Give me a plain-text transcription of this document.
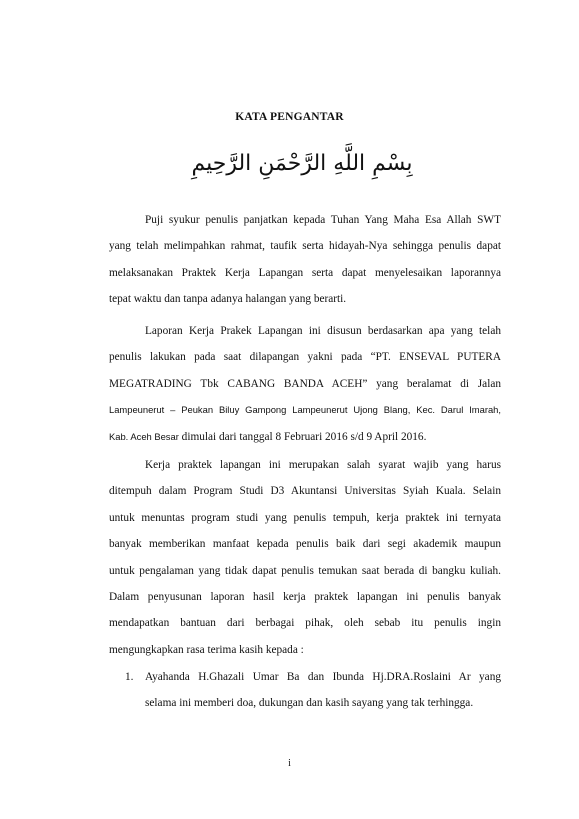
KATA PENGANTAR
بِسْمِ اللَّهِ الرَّحْمَنِ الرَّحِيمِ
Puji syukur penulis panjatkan kepada Tuhan Yang Maha Esa Allah SWT
yang telah melimpahkan rahmat, taufik serta hidayah-Nya sehingga penulis dapat
melaksanakan Praktek Kerja Lapangan serta dapat menyelesaikan laporannya
tepat waktu dan tanpa adanya halangan yang berarti.
Laporan Kerja Prakek Lapangan ini disusun berdasarkan apa yang telah
penulis lakukan pada saat dilapangan yakni pada “PT. ENSEVAL PUTERA
MEGATRADING Tbk CABANG BANDA ACEH” yang beralamat di Jalan
Lampeunerut – Peukan Biluy Gampong Lampeunerut Ujong Blang, Kec. Darul Imarah,
Kab. Aceh Besar dimulai dari tanggal 8 Februari 2016 s/d 9 April 2016.
Kerja praktek lapangan ini merupakan salah syarat wajib yang harus
ditempuh dalam Program Studi D3 Akuntansi Universitas Syiah Kuala. Selain
untuk menuntas program studi yang penulis tempuh, kerja praktek ini ternyata
banyak memberikan manfaat kepada penulis baik dari segi akademik maupun
untuk pengalaman yang tidak dapat penulis temukan saat berada di bangku kuliah.
Dalam penyusunan laporan hasil kerja praktek lapangan ini penulis banyak
mendapatkan bantuan dari berbagai pihak, oleh sebab itu penulis ingin
mengungkapkan rasa terima kasih kepada :
1. Ayahanda H.Ghazali Umar Ba dan Ibunda Hj.DRA.Roslaini Ar yang
selama ini memberi doa, dukungan dan kasih sayang yang tak terhingga.
i
